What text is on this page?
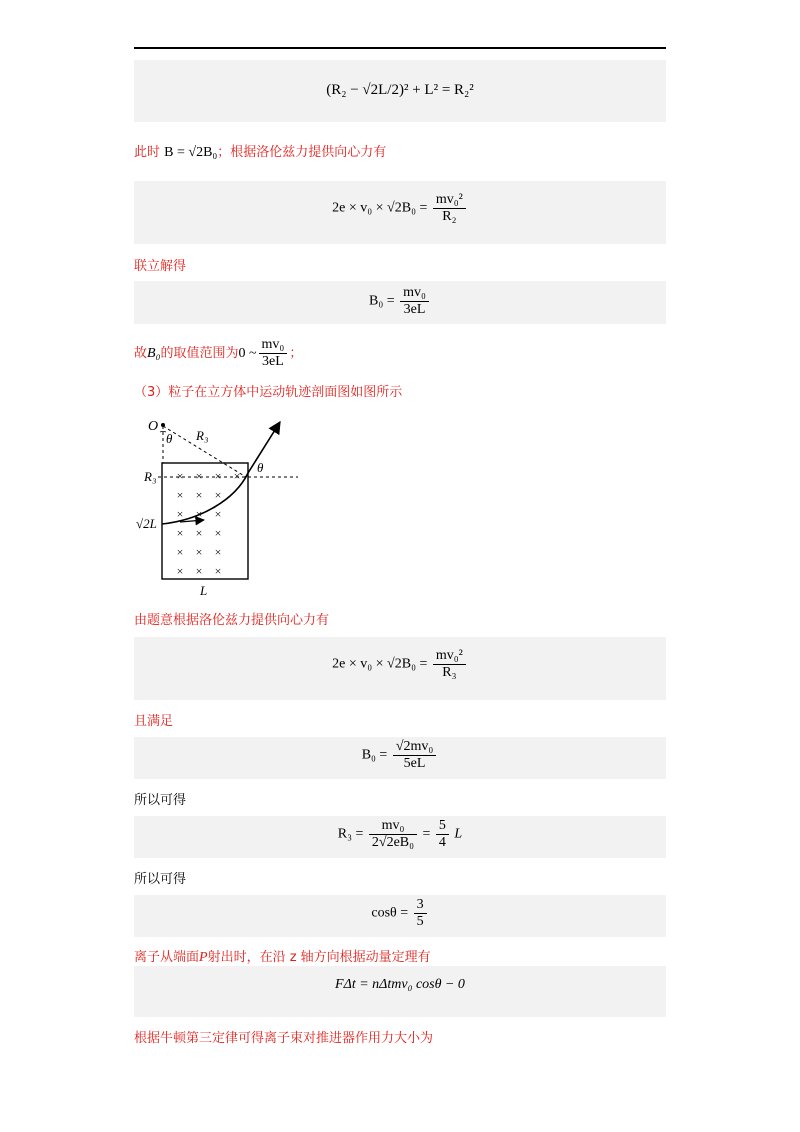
(R₂ − √2L/2)² + L² = R₂²
此时 B = √2B₀；根据洛伦兹力提供向心力有
$2e \times v_0 \times √2B_0 = \frac{\text{mv₀²}}{\text{R₂}}$
联立解得
$B_0 = \frac{\text{mv₀}}{3eL}$
故B₀的取值范围为0 ~ $\frac{\text{mv₀}}{3eL}$ ；
（3）粒子在立方体中运动轨迹剖面图如图所示
× × × ×
× × ×
× × ×
× × ×
× × ×
× × ×
O
θ R₃
θ
R₃
√2L
L
由题意根据洛伦兹力提供向心力有
$2e \times v_0 \times √2B_0 = \frac{\text{mv₀²}}{\text{R₃}}$
且满足
$B_0 = \frac{\text{√2mv₀}}{5eL}$
所以可得
$R_3 = \frac{\text{mv₀}}{\text{2√2eB₀}} = \frac{5}{4}$ L
所以可得
$\cos\theta = \frac{3}{5}$
FΔt = nΔtmv₀ cosθ − 0
离子从端面P射出时，在沿 z 轴方向根据动量定理有
根据牛顿第三定律可得离子束对推进器作用力大小为
